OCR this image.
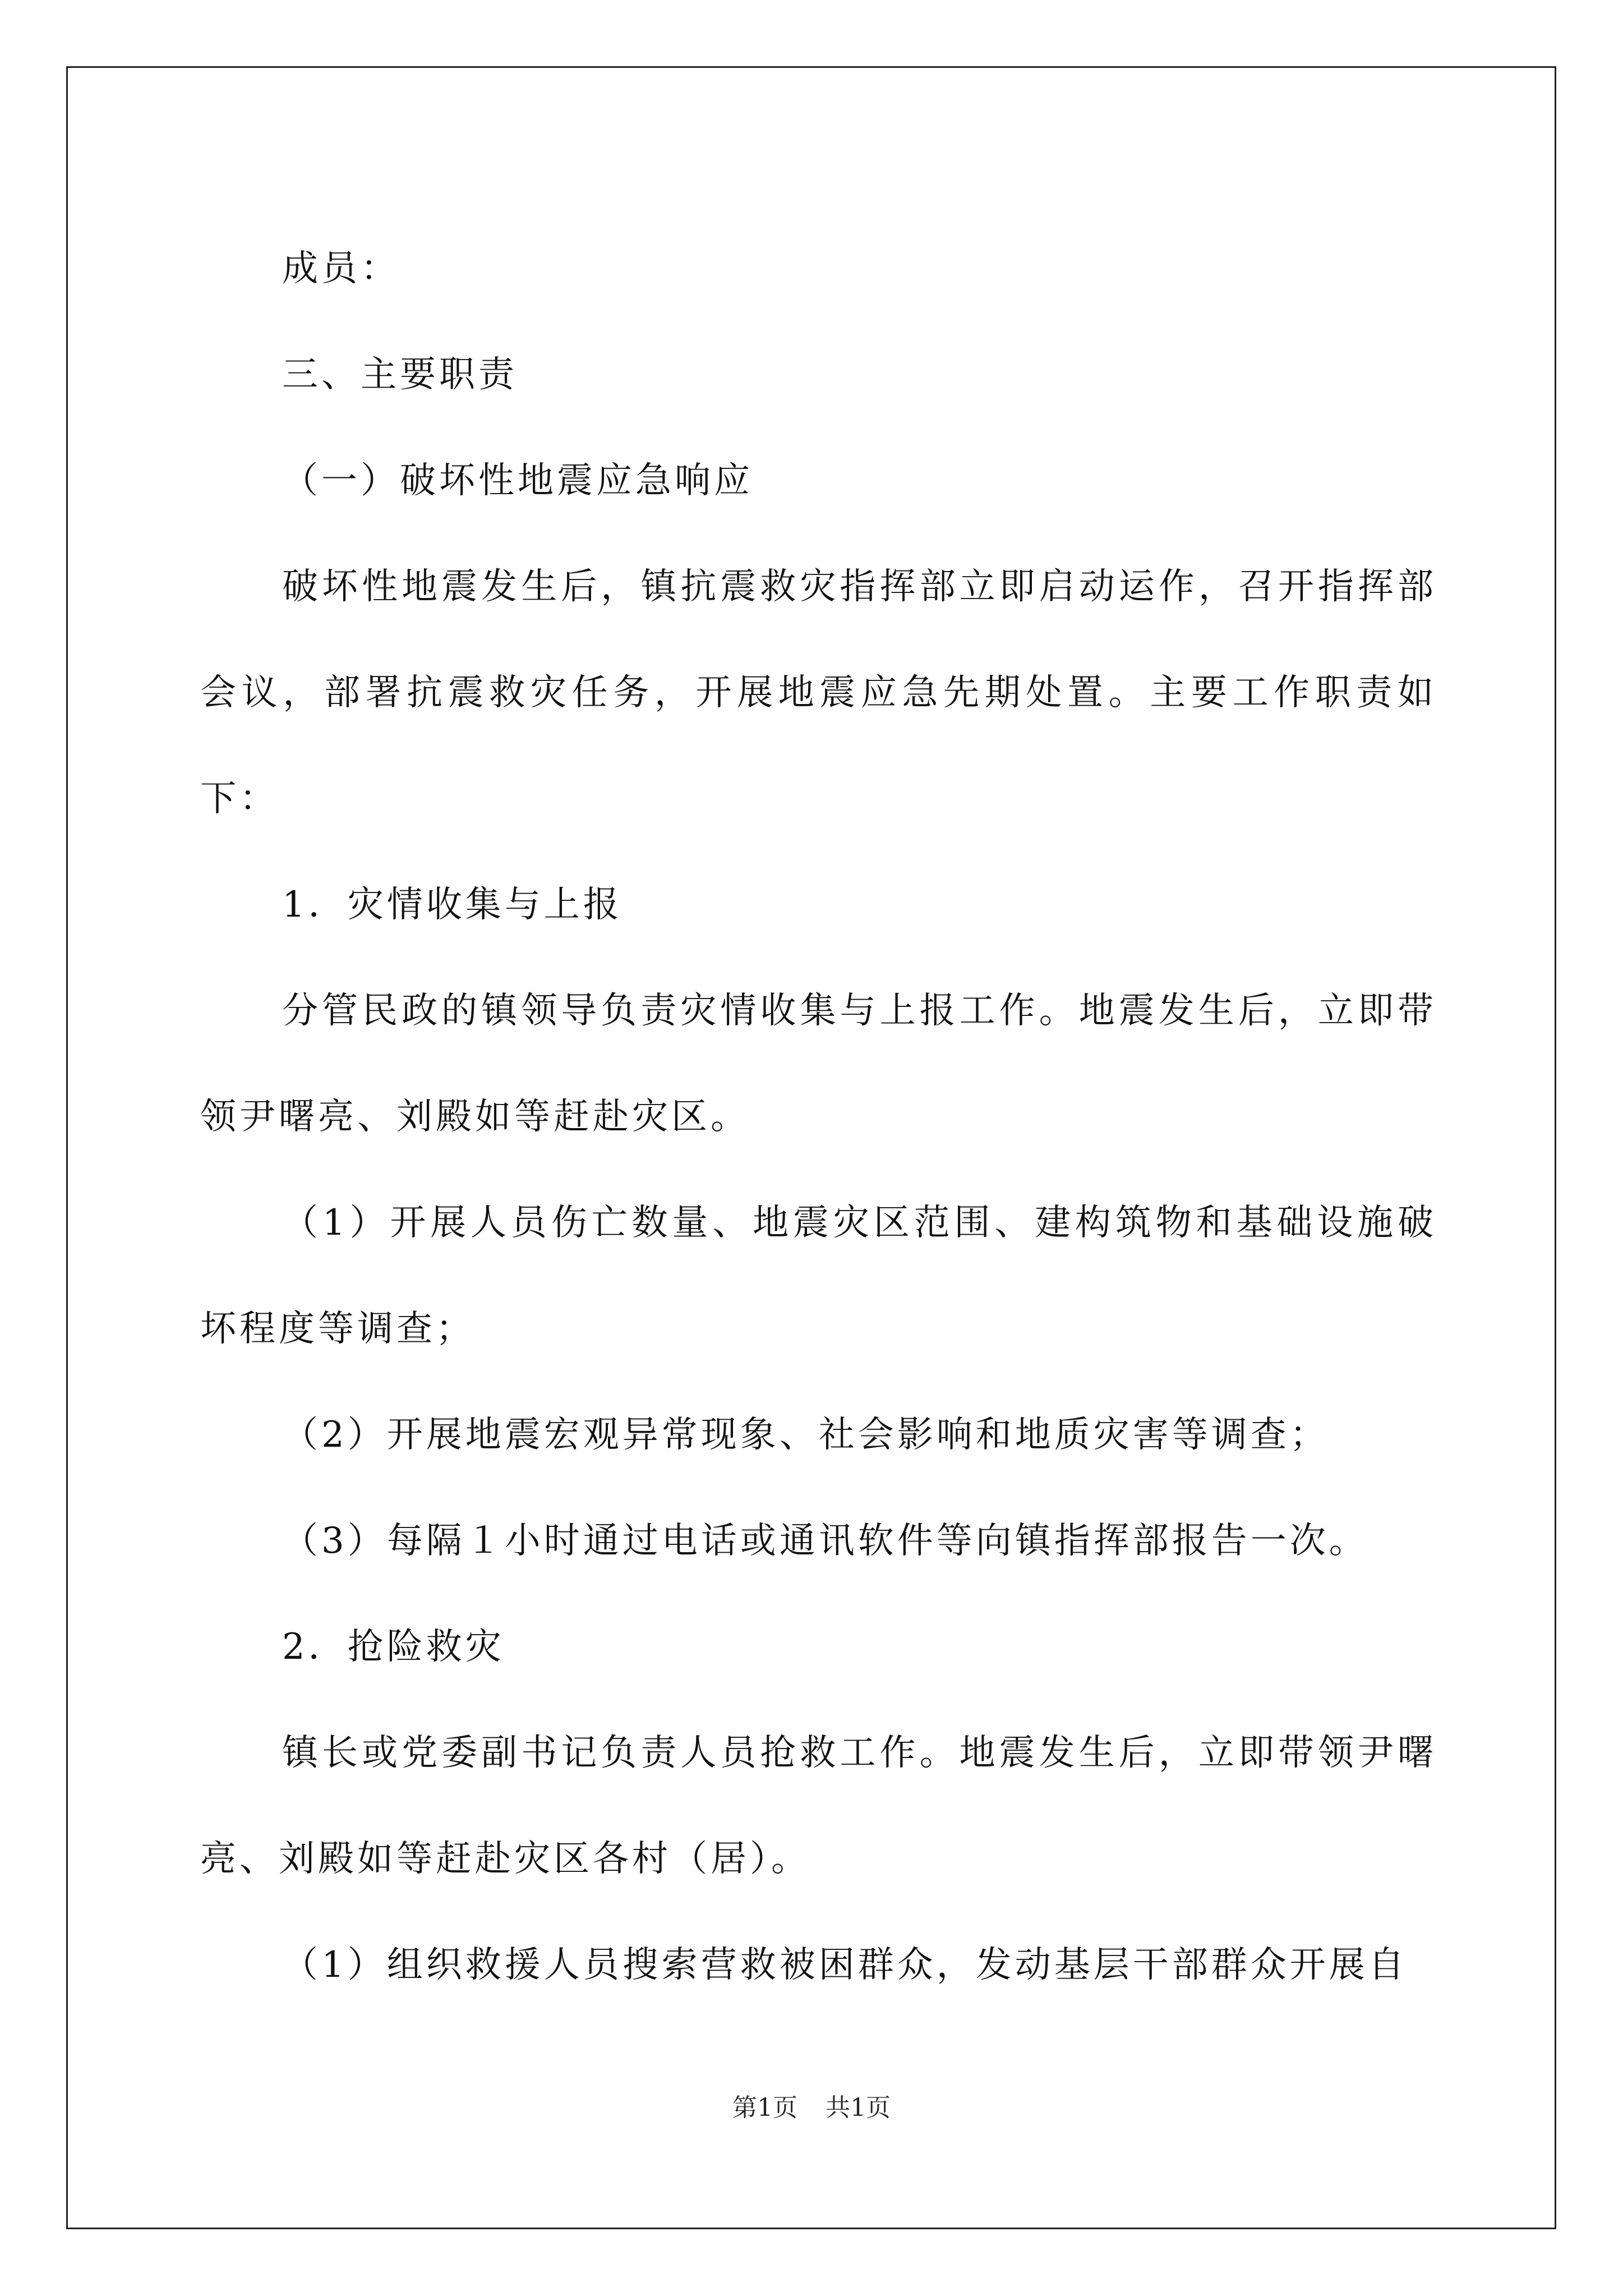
成员：

三、主要职责

（一）破坏性地震应急响应

破坏性地震发生后，镇抗震救灾指挥部立即启动运作，召开指挥部会议，部署抗震救灾任务，开展地震应急先期处置。主要工作职责如下：

1．灾情收集与上报

分管民政的镇领导负责灾情收集与上报工作。地震发生后，立即带领尹曙亮、刘殿如等赶赴灾区。

（1）开展人员伤亡数量、地震灾区范围、建构筑物和基础设施破坏程度等调查；

（2）开展地震宏观异常现象、社会影响和地质灾害等调查；

（3）每隔１小时通过电话或通讯软件等向镇指挥部报告一次。

2．抢险救灾

镇长或党委副书记负责人员抢救工作。地震发生后，立即带领尹曙亮、刘殿如等赶赴灾区各村（居）。

（1）组织救援人员搜索营救被困群众，发动基层干部群众开展自

第1页 共1页
